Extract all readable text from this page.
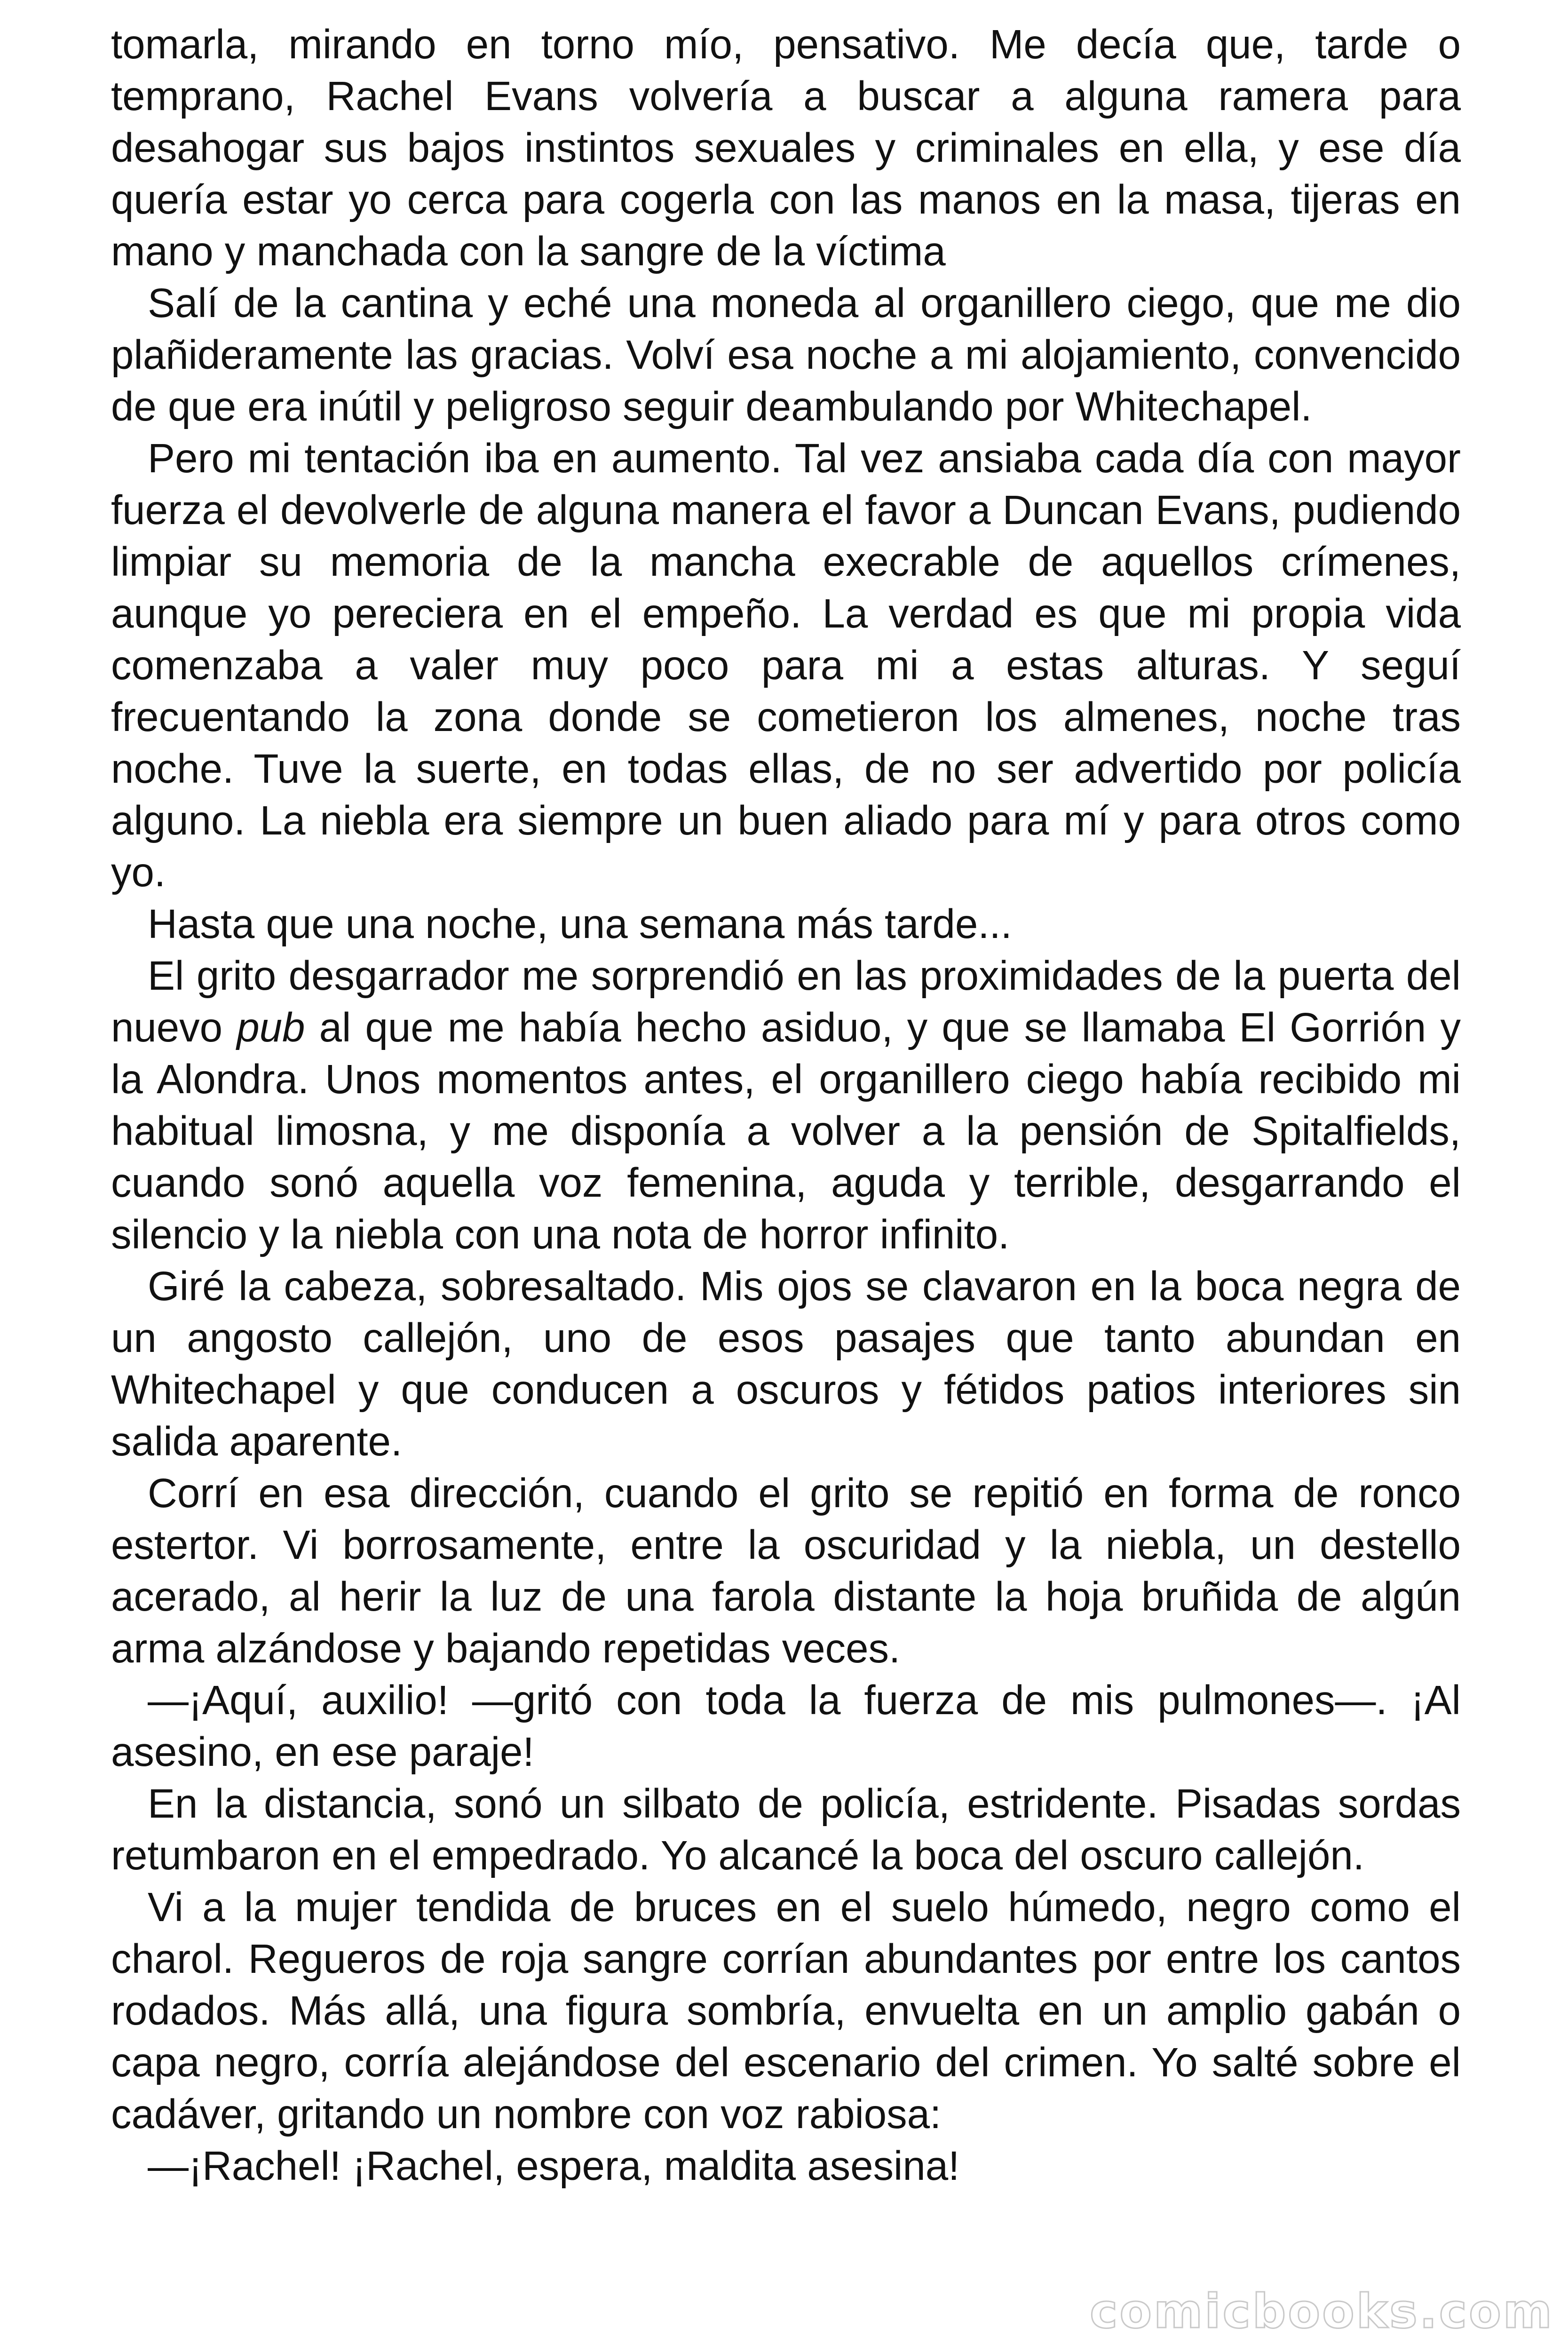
tomarla, mirando en torno mío, pensativo. Me decía que, tarde o temprano, Rachel Evans volvería a buscar a alguna ramera para desahogar sus bajos instintos sexuales y criminales en ella, y ese día quería estar yo cerca para cogerla con las manos en la masa, tijeras en mano y manchada con la sangre de la víctima

Salí de la cantina y eché una moneda al organillero ciego, que me dio plañideramente las gracias. Volví esa noche a mi alojamiento, convencido de que era inútil y peligroso seguir deambulando por Whitechapel.

Pero mi tentación iba en aumento. Tal vez ansiaba cada día con mayor fuerza el devolverle de alguna manera el favor a Duncan Evans, pudiendo limpiar su memoria de la mancha execrable de aquellos crímenes, aunque yo pereciera en el empeño. La verdad es que mi propia vida comenzaba a valer muy poco para mi a estas alturas. Y seguí frecuentando la zona donde se cometieron los almenes, noche tras noche. Tuve la suerte, en todas ellas, de no ser advertido por policía alguno. La niebla era siempre un buen aliado para mí y para otros como yo.

Hasta que una noche, una semana más tarde...

El grito desgarrador me sorprendió en las proximidades de la puerta del nuevo pub al que me había hecho asiduo, y que se llamaba El Gorrión y la Alondra. Unos momentos antes, el organillero ciego había recibido mi habitual limosna, y me disponía a volver a la pensión de Spitalfields, cuando sonó aquella voz femenina, aguda y terrible, desgarrando el silencio y la niebla con una nota de horror infinito.

Giré la cabeza, sobresaltado. Mis ojos se clavaron en la boca negra de un angosto callejón, uno de esos pasajes que tanto abundan en Whitechapel y que conducen a oscuros y fétidos patios interiores sin salida aparente.

Corrí en esa dirección, cuando el grito se repitió en forma de ronco estertor. Vi borrosamente, entre la oscuridad y la niebla, un destello acerado, al herir la luz de una farola distante la hoja bruñida de algún arma alzándose y bajando repetidas veces.

—¡Aquí, auxilio! —gritó con toda la fuerza de mis pulmones—. ¡Al asesino, en ese paraje!

En la distancia, sonó un silbato de policía, estridente. Pisadas sordas retumbaron en el empedrado. Yo alcancé la boca del oscuro callejón.

Vi a la mujer tendida de bruces en el suelo húmedo, negro como el charol. Regueros de roja sangre corrían abundantes por entre los cantos rodados. Más allá, una figura sombría, envuelta en un amplio gabán o capa negro, corría alejándose del escenario del crimen. Yo salté sobre el cadáver, gritando un nombre con voz rabiosa:

—¡Rachel! ¡Rachel, espera, maldita asesina!

comicbooks.com
